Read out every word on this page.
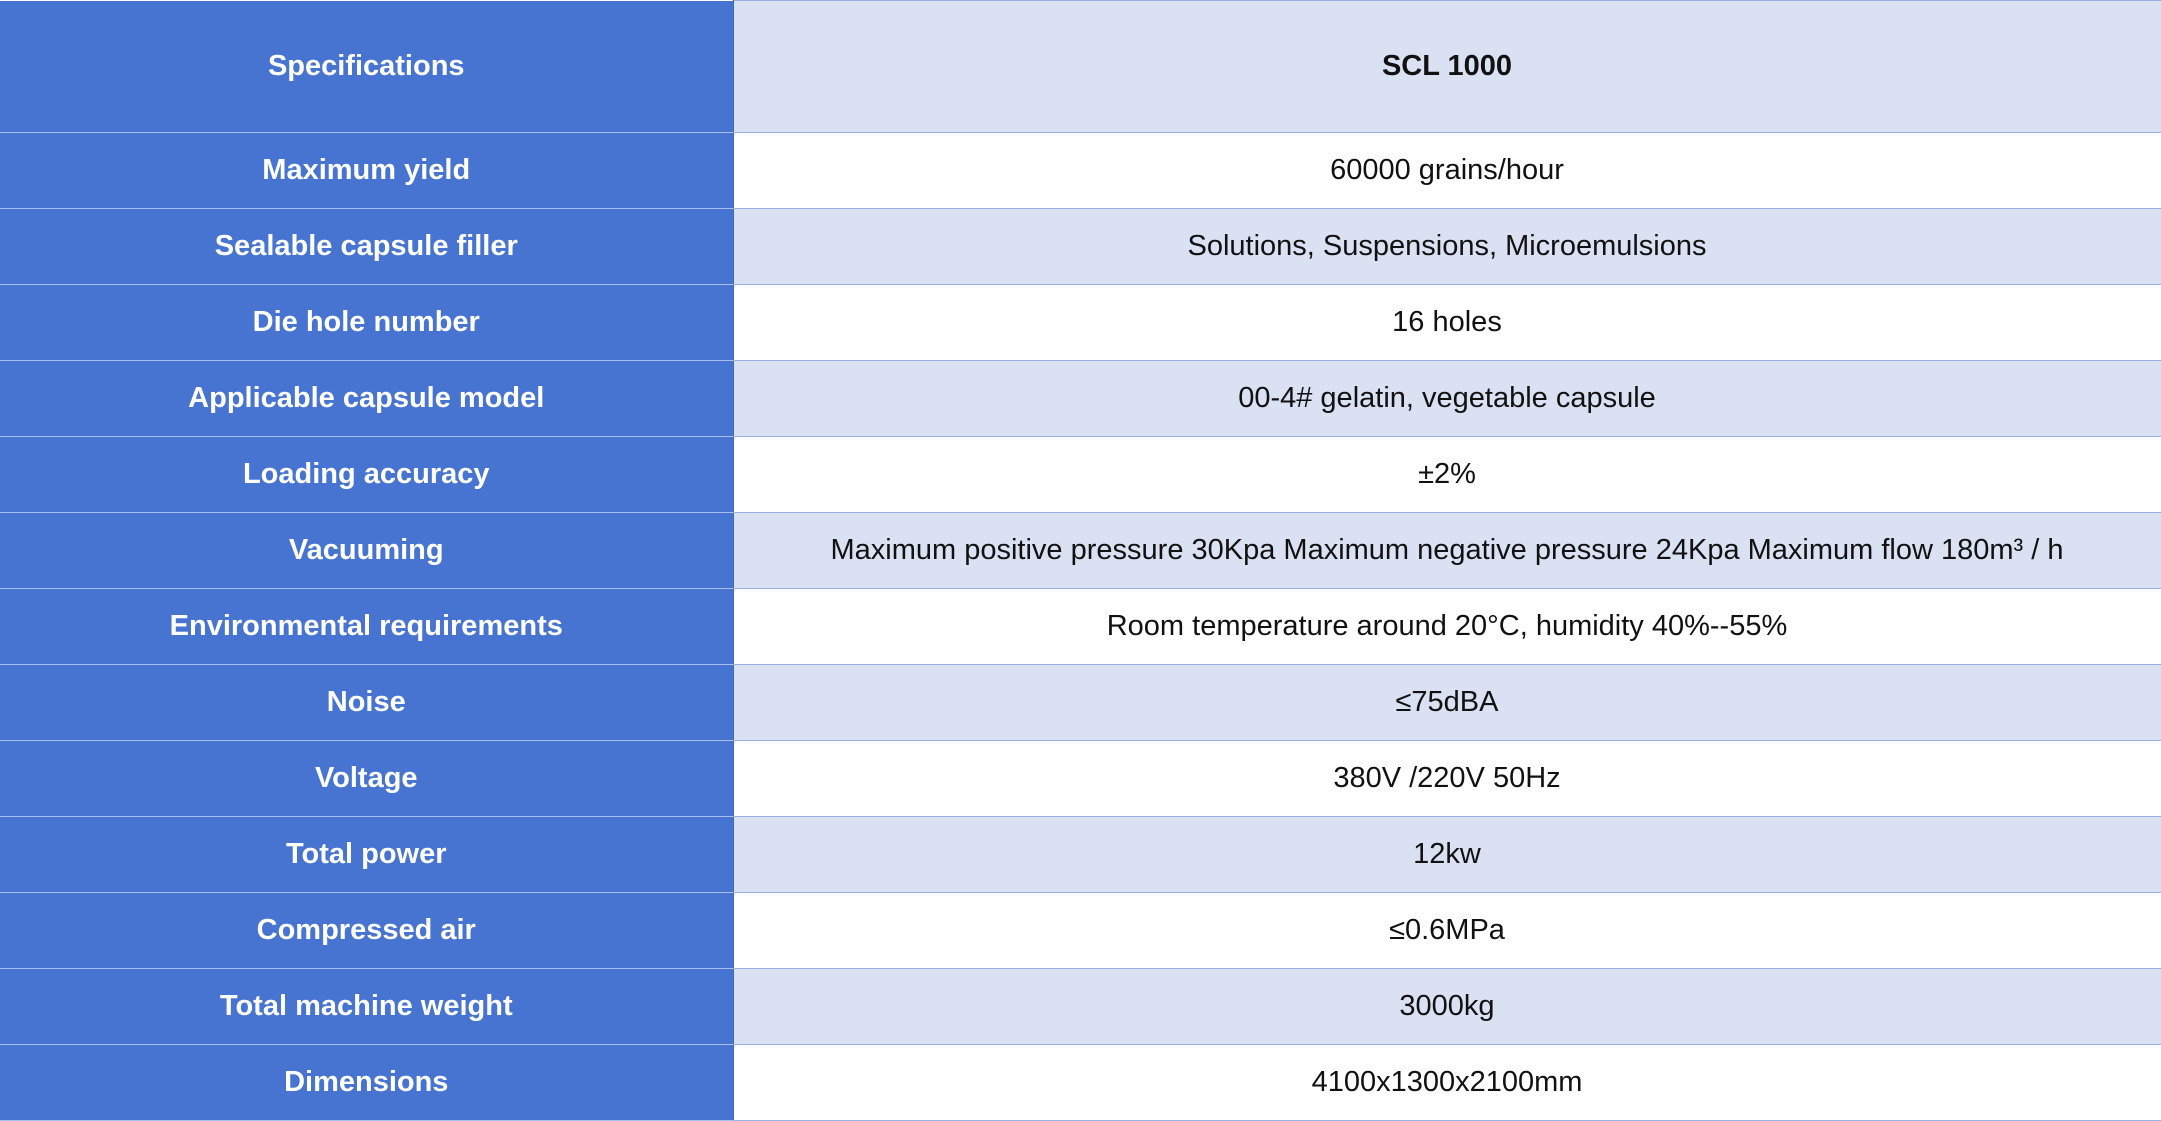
Specifications	SCL 1000
Maximum yield	60000 grains/hour
Sealable capsule filler	Solutions, Suspensions, Microemulsions
Die hole number	16 holes
Applicable capsule model	00-4# gelatin, vegetable capsule
Loading accuracy	±2%
Vacuuming	Maximum positive pressure 30Kpa Maximum negative pressure 24Kpa Maximum flow 180m³ / h
Environmental requirements	Room temperature around 20°C, humidity 40%--55%
Noise	≤75dBA
Voltage	380V /220V 50Hz
Total power	12kw
Compressed air	≤0.6MPa
Total machine weight	3000kg
Dimensions	4100x1300x2100mm
